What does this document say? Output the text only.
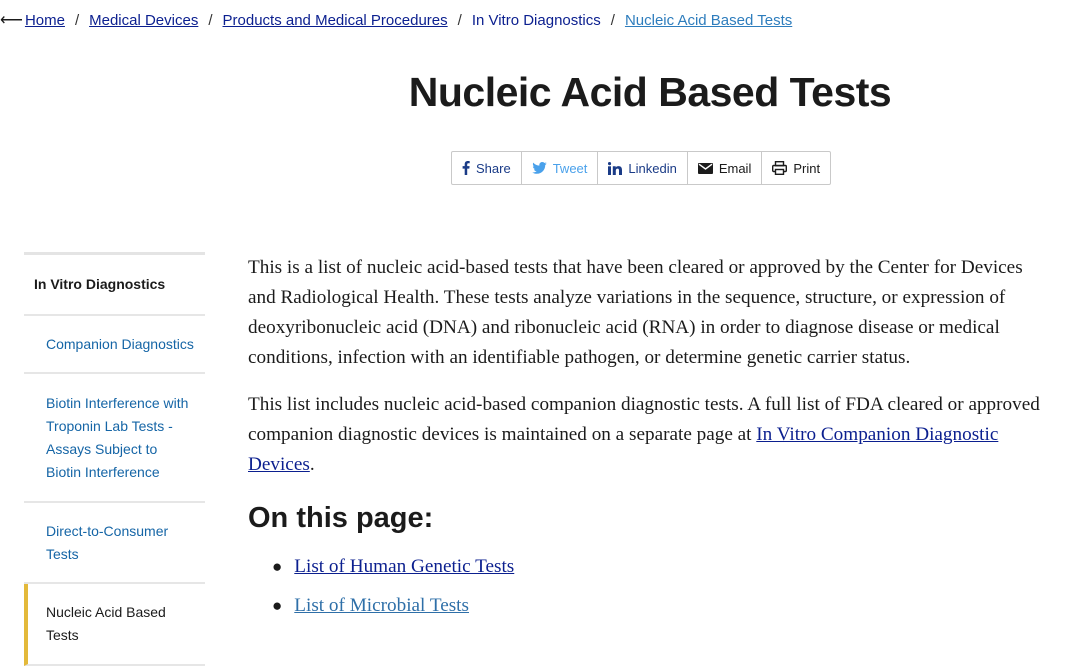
⟵ Home / Medical Devices / Products and Medical Procedures / In Vitro Diagnostics / Nucleic Acid Based Tests
Nucleic Acid Based Tests
Share	Tweet	Linkedin	Email	Print
In Vitro Diagnostics
Companion Diagnostics
Biotin Interference with Troponin Lab Tests - Assays Subject to Biotin Interference
Direct-to-Consumer Tests
Nucleic Acid Based Tests

This is a list of nucleic acid-based tests that have been cleared or approved by the Center for Devices and Radiological Health. These tests analyze variations in the sequence, structure, or expression of deoxyribonucleic acid (DNA) and ribonucleic acid (RNA) in order to diagnose disease or medical conditions, infection with an identifiable pathogen, or determine genetic carrier status.

This list includes nucleic acid-based companion diagnostic tests. A full list of FDA cleared or approved companion diagnostic devices is maintained on a separate page at In Vitro Companion Diagnostic Devices.

On this page:
● List of Human Genetic Tests
● List of Microbial Tests
